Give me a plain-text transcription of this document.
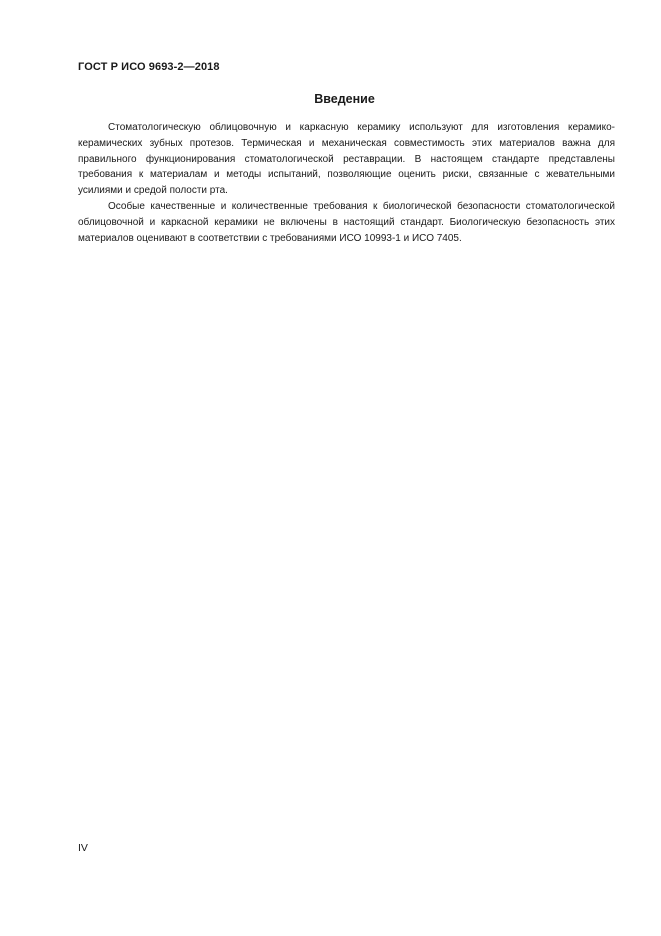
ГОСТ Р ИСО 9693-2—2018
Введение

Стоматологическую облицовочную и каркасную керамику используют для изготовления керамико-керамических зубных протезов. Термическая и механическая совместимость этих материалов важна для правильного функционирования стоматологической реставрации. В настоящем стандарте представлены требования к материалам и методы испытаний, позволяющие оценить риски, связанные с жевательными усилиями и средой полости рта.

Особые качественные и количественные требования к биологической безопасности стоматологической облицовочной и каркасной керамики не включены в настоящий стандарт. Биологическую безопасность этих материалов оценивают в соответствии с требованиями ИСО 10993-1 и ИСО 7405.

IV
